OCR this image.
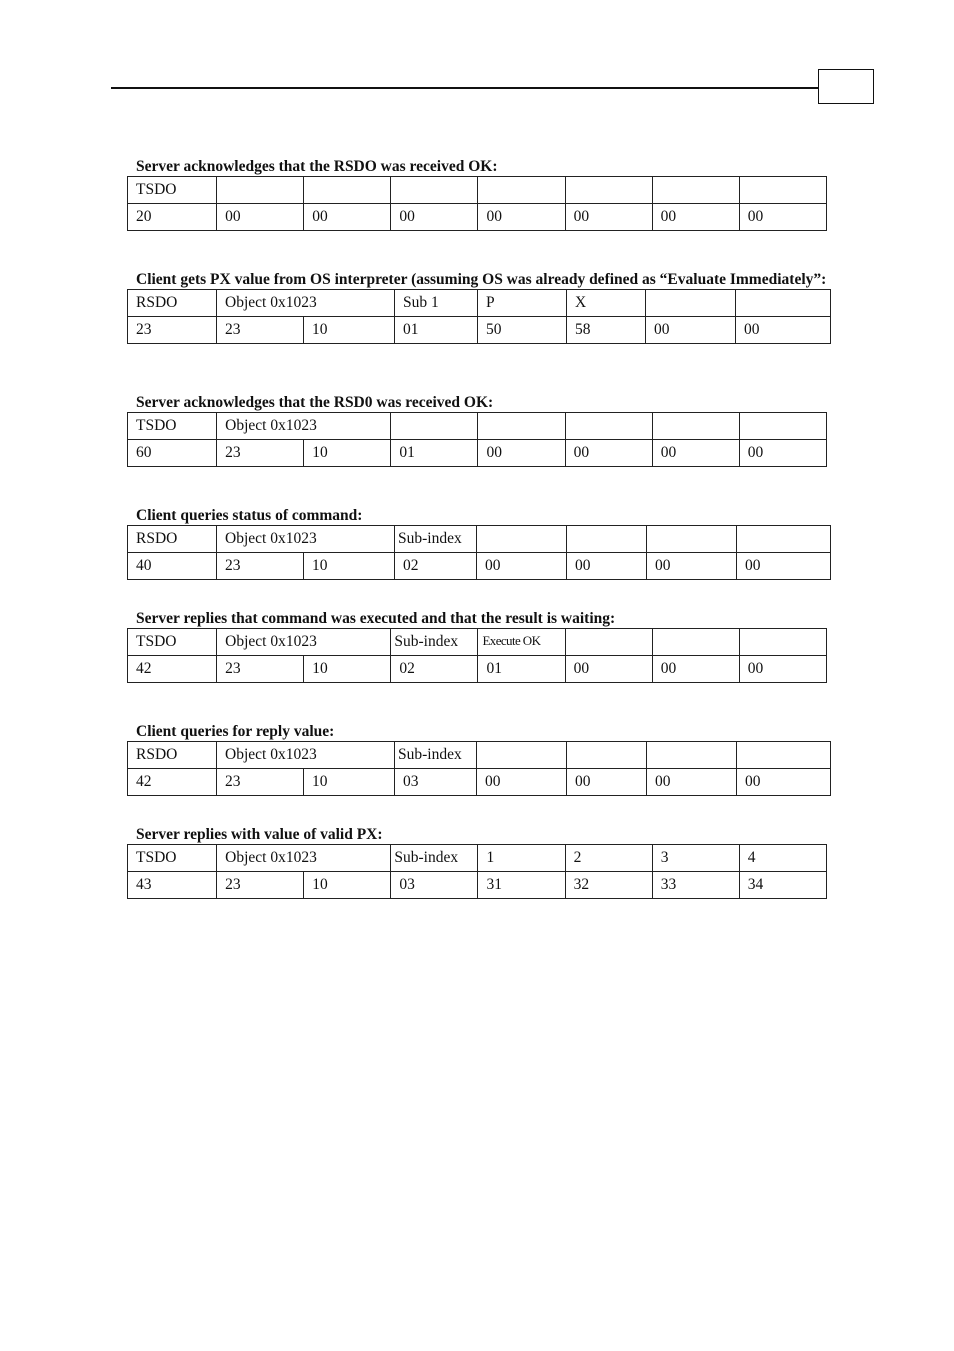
Server acknowledges that the RSDO was received OK:

TSDO							
20	00	00	00	00	00	00	00

Client gets PX value from OS interpreter (assuming OS was already defined as “Evaluate Immediately”:

RSDO	Object 0x1023		Sub 1	P	X		
23	23	10	01	50	58	00	00

Server acknowledges that the RSD0 was received OK:

TSDO	Object 0x1023						
60	23	10	01	00	00	00	00

Client queries status of command:

RSDO	Object 0x1023		Sub-index				
40	23	10	02	00	00	00	00

Server replies that command was executed and that the result is waiting:

TSDO	Object 0x1023		Sub-index	Execute OK			
42	23	10	02	01	00	00	00

Client queries for reply value:

RSDO	Object 0x1023		Sub-index				
42	23	10	03	00	00	00	00

Server replies with value of valid PX:

TSDO	Object 0x1023		Sub-index	1	2	3	4
43	23	10	03	31	32	33	34
